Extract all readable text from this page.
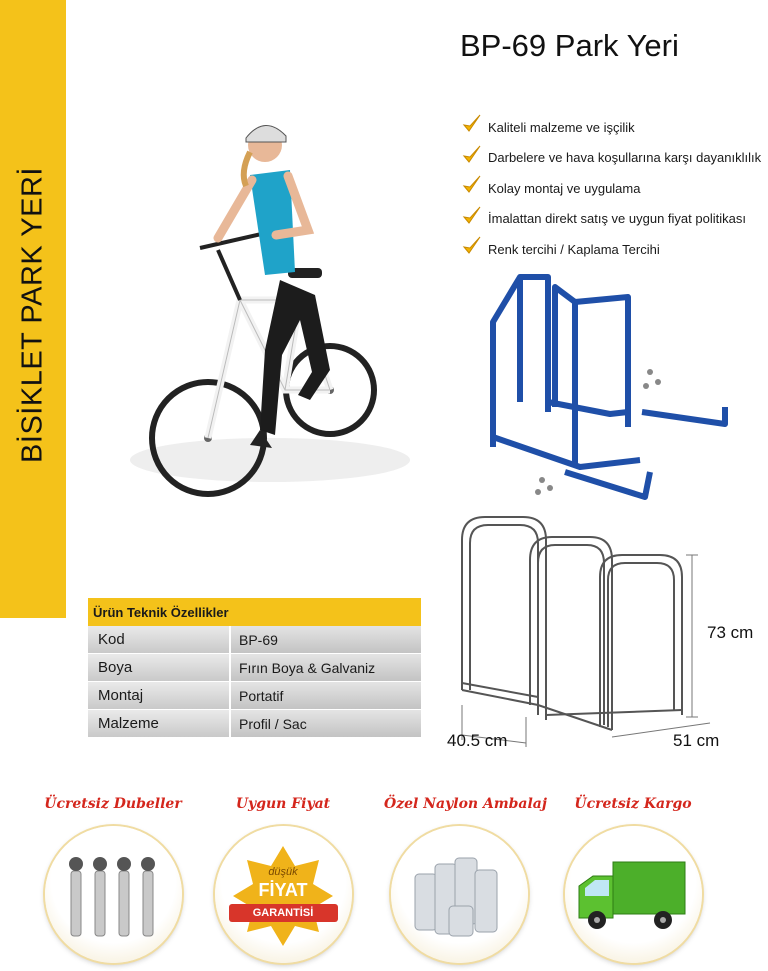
BİSİKLET PARK YERİ
BP-69 Park Yeri
Kaliteli malzeme ve işçilik
Darbelere ve hava koşullarına karşı dayanıklılık
Kolay montaj ve uygulama
İmalattan direkt satış ve uygun fiyat politikası
Renk tercihi / Kaplama Tercihi
73 cm
40.5 cm	51 cm
Ürün Teknik Özellikler
Kod	BP-69
Boya	Fırın Boya & Galvaniz
Montaj	Portatif
Malzeme	Profil / Sac
Ücretsiz Dubeller	Uygun Fiyat
düşük
FİYAT
GARANTİSİ
Özel Naylon Ambalaj	Ücretsiz Kargo
